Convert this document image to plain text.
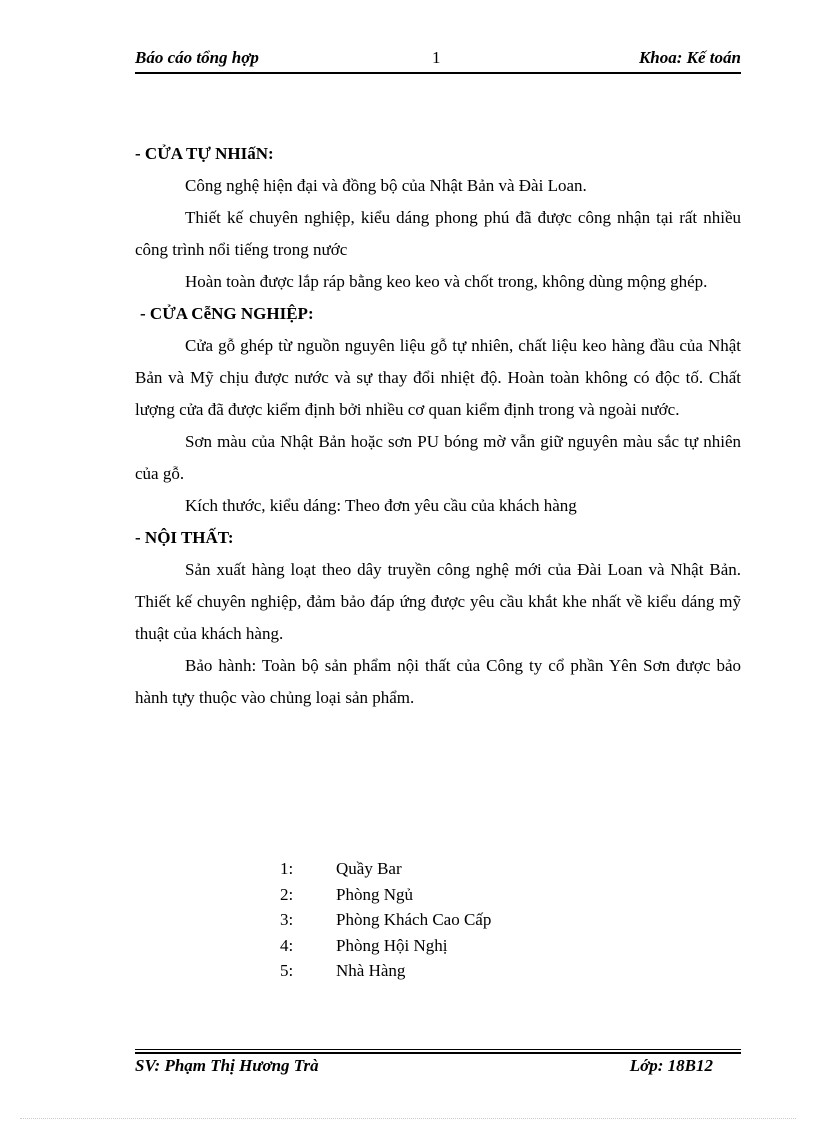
Báo cáo tổng hợp	1	Khoa: Kế toán

- CỬA TỰ NHIấN:

Công nghệ hiện đại và đồng bộ của Nhật Bản và Đài Loan.

Thiết kế chuyên nghiệp, kiểu dáng phong phú đã được công nhận tại rất nhiều công trình nổi tiếng trong nước

Hoàn toàn được lắp ráp bằng keo keo và chốt trong, không dùng mộng ghép.

- CỬA CễNG NGHIỆP:

Cửa gỗ ghép từ nguồn nguyên liệu gỗ tự nhiên, chất liệu keo hàng đầu của Nhật Bản và Mỹ chịu được nước và sự thay đổi nhiệt độ. Hoàn toàn không có độc tố. Chất lượng cửa đã được kiểm định bởi nhiều cơ quan kiểm định trong và ngoài nước.

Sơn màu của Nhật Bản hoặc sơn PU bóng mờ vẫn giữ nguyên màu sắc tự nhiên của gỗ.

Kích thước, kiểu dáng: Theo đơn yêu cầu của khách hàng

- NỘI THẤT:

Sản xuất hàng loạt theo dây truyền công nghệ mới của Đài Loan và Nhật Bản. Thiết kế chuyên nghiệp, đảm bảo đáp ứng được yêu cầu khắt khe nhất về kiểu dáng mỹ thuật của khách hàng.

Bảo hành: Toàn bộ sản phẩm nội thất của Công ty cổ phần Yên Sơn được bảo hành tựy thuộc vào chủng loại sản phẩm.

1:	Quầy Bar
2:	Phòng Ngủ
3:	Phòng Khách Cao Cấp
4:	Phòng Hội Nghị
5:	Nhà Hàng
SV: Phạm Thị Hương Trà	Lớp: 18B12
